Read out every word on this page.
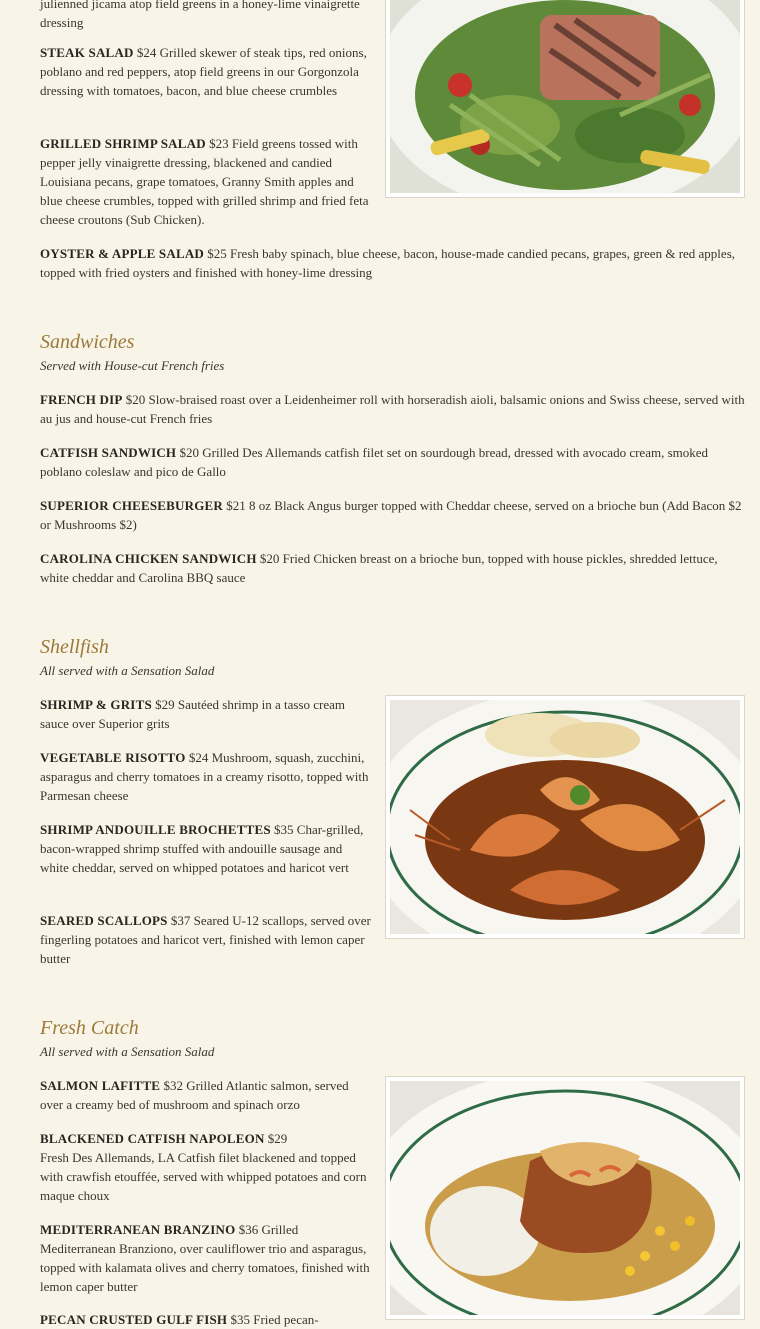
julienned jicama atop field greens in a honey-lime vinaigrette dressing

STEAK SALAD $24 Grilled skewer of steak tips, red onions, poblano and red peppers, atop field greens in our Gorgonzola dressing with tomatoes, bacon, and blue cheese crumbles

GRILLED SHRIMP SALAD $23 Field greens tossed with pepper jelly vinaigrette dressing, blackened and candied Louisiana pecans, grape tomatoes, Granny Smith apples and blue cheese crumbles, topped with grilled shrimp and fried feta cheese croutons (Sub Chicken).

OYSTER & APPLE SALAD $25 Fresh baby spinach, blue cheese, bacon, house-made candied pecans, grapes, green & red apples, topped with fried oysters and finished with honey-lime dressing

Sandwiches
Served with House-cut French fries

FRENCH DIP $20 Slow-braised roast over a Leidenheimer roll with horseradish aioli, balsamic onions and Swiss cheese, served with au jus and house-cut French fries

CATFISH SANDWICH $20 Grilled Des Allemands catfish filet set on sourdough bread, dressed with avocado cream, smoked poblano coleslaw and pico de Gallo

SUPERIOR CHEESEBURGER $21 8 oz Black Angus burger topped with Cheddar cheese, served on a brioche bun (Add Bacon $2 or Mushrooms $2)

CAROLINA CHICKEN SANDWICH $20 Fried Chicken breast on a brioche bun, topped with house pickles, shredded lettuce, white cheddar and Carolina BBQ sauce

Shellfish
All served with a Sensation Salad

SHRIMP & GRITS $29 Sautéed shrimp in a tasso cream sauce over Superior grits

VEGETABLE RISOTTO $24 Mushroom, squash, zucchini, asparagus and cherry tomatoes in a creamy risotto, topped with Parmesan cheese

SHRIMP ANDOUILLE BROCHETTES $35 Char-grilled, bacon-wrapped shrimp stuffed with andouille sausage and white cheddar, served on whipped potatoes and haricot vert

SEARED SCALLOPS $37 Seared U-12 scallops, served over fingerling potatoes and haricot vert, finished with lemon caper butter

Fresh Catch
All served with a Sensation Salad

SALMON LAFITTE $32 Grilled Atlantic salmon, served over a creamy bed of mushroom and spinach orzo

BLACKENED CATFISH NAPOLEON $29
Fresh Des Allemands, LA Catfish filet blackened and topped with crawfish etouffée, served with whipped potatoes and corn maque choux

MEDITERRANEAN BRANZINO $36 Grilled Mediterranean Branziono, over cauliflower trio and asparagus, topped with kalamata olives and cherry tomatoes, finished with lemon caper butter

PECAN CRUSTED GULF FISH $35 Fried pecan-
